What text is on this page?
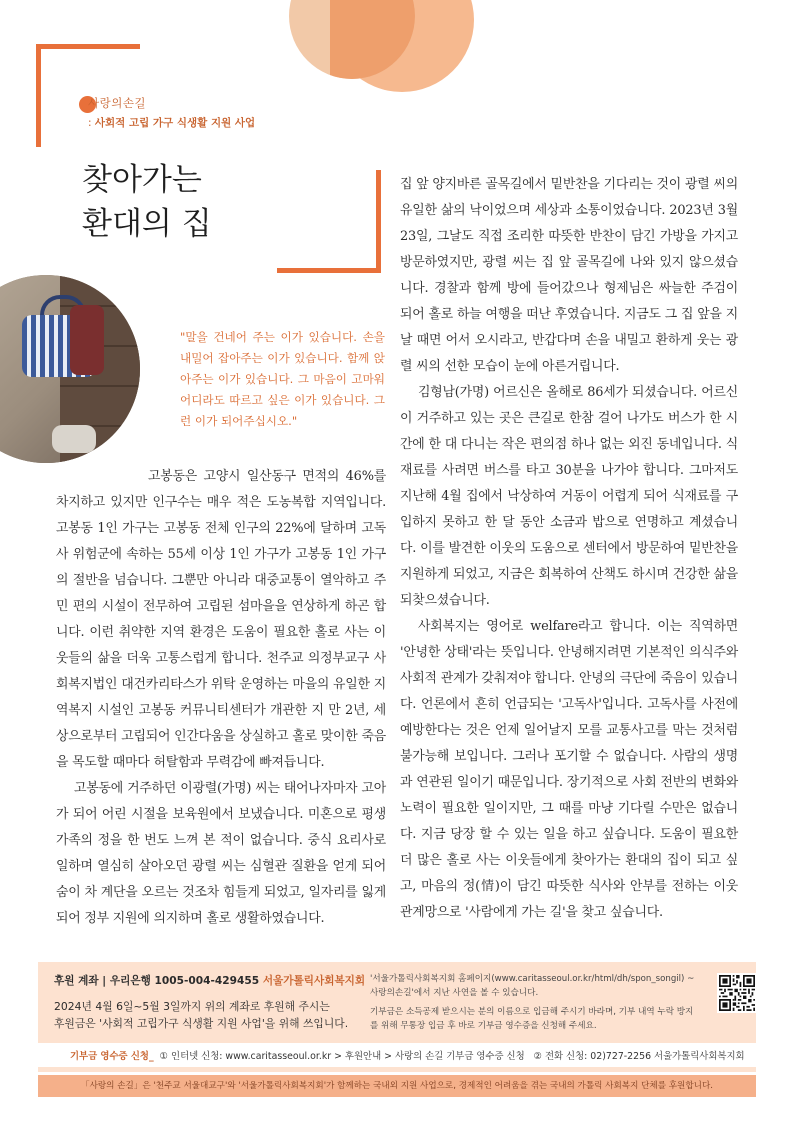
사랑의손길
: 사회적 고립 가구 식생활 지원 사업
찾아가는
환대의 집

"말을 건네어 주는 이가 있습니다. 손을 내밀어 잡아주는 이가 있습니다. 함께 앉아주는 이가 있습니다. 그 마음이 고마워 어디라도 따르고 싶은 이가 있습니다. 그런 이가 되어주십시오."

고봉동은 고양시 일산동구 면적의 46%를 차지하고 있지만 인구수는 매우 적은 도농복합 지역입니다. 고봉동 1인 가구는 고봉동 전체 인구의 22%에 달하며 고독사 위험군에 속하는 55세 이상 1인 가구가 고봉동 1인 가구의 절반을 넘습니다. 그뿐만 아니라 대중교통이 열악하고 주민 편의 시설이 전무하여 고립된 섬마을을 연상하게 하곤 합니다. 이런 취약한 지역 환경은 도움이 필요한 홀로 사는 이웃들의 삶을 더욱 고통스럽게 합니다. 천주교 의정부교구 사회복지법인 대건카리타스가 위탁 운영하는 마을의 유일한 지역복지 시설인 고봉동 커뮤니티센터가 개관한 지 만 2년, 세상으로부터 고립되어 인간다움을 상실하고 홀로 맞이한 죽음을 목도할 때마다 허탈함과 무력감에 빠져듭니다.

고봉동에 거주하던 이광렬(가명) 씨는 태어나자마자 고아가 되어 어린 시절을 보육원에서 보냈습니다. 미혼으로 평생 가족의 정을 한 번도 느껴 본 적이 없습니다. 중식 요리사로 일하며 열심히 살아오던 광렬 씨는 심혈관 질환을 얻게 되어 숨이 차 계단을 오르는 것조차 힘들게 되었고, 일자리를 잃게 되어 정부 지원에 의지하며 홀로 생활하였습니다.

집 앞 양지바른 골목길에서 밑반찬을 기다리는 것이 광렬 씨의 유일한 삶의 낙이었으며 세상과 소통이었습니다. 2023년 3월 23일, 그날도 직접 조리한 따뜻한 반찬이 담긴 가방을 가지고 방문하였지만, 광렬 씨는 집 앞 골목길에 나와 있지 않으셨습니다. 경찰과 함께 방에 들어갔으나 형제님은 싸늘한 주검이 되어 홀로 하늘 여행을 떠난 후였습니다. 지금도 그 집 앞을 지날 때면 어서 오시라고, 반갑다며 손을 내밀고 환하게 웃는 광렬 씨의 선한 모습이 눈에 아른거립니다.

김형남(가명) 어르신은 올해로 86세가 되셨습니다. 어르신이 거주하고 있는 곳은 큰길로 한참 걸어 나가도 버스가 한 시간에 한 대 다니는 작은 편의점 하나 없는 외진 동네입니다. 식재료를 사려면 버스를 타고 30분을 나가야 합니다. 그마저도 지난해 4월 집에서 낙상하여 거동이 어렵게 되어 식재료를 구입하지 못하고 한 달 동안 소금과 밥으로 연명하고 계셨습니다. 이를 발견한 이웃의 도움으로 센터에서 방문하여 밑반찬을 지원하게 되었고, 지금은 회복하여 산책도 하시며 건강한 삶을 되찾으셨습니다.

사회복지는 영어로 welfare라고 합니다. 이는 직역하면 '안녕한 상태'라는 뜻입니다. 안녕해지려면 기본적인 의식주와 사회적 관계가 갖춰져야 합니다. 안녕의 극단에 죽음이 있습니다. 언론에서 흔히 언급되는 '고독사'입니다. 고독사를 사전에 예방한다는 것은 언제 일어날지 모를 교통사고를 막는 것처럼 불가능해 보입니다. 그러나 포기할 수 없습니다. 사람의 생명과 연관된 일이기 때문입니다. 장기적으로 사회 전반의 변화와 노력이 필요한 일이지만, 그 때를 마냥 기다릴 수만은 없습니다. 지금 당장 할 수 있는 일을 하고 싶습니다. 도움이 필요한 더 많은 홀로 사는 이웃들에게 찾아가는 환대의 집이 되고 싶고, 마음의 정(情)이 담긴 따뜻한 식사와 안부를 전하는 이웃 관계망으로 '사람에게 가는 길'을 찾고 싶습니다.

후원 계좌 | 우리은행 1005-004-429455 서울가톨릭사회복지회
2024년 4월 6일~5월 3일까지 위의 계좌로 후원해 주시는
후원금은 '사회적 고립가구 식생활 지원 사업'을 위해 쓰입니다.
'서울가톨릭사회복지회 홈페이지(www.caritasseoul.or.kr/html/dh/spon_songil) ~ 사랑의손길'에서 지난 사연을 볼 수 있습니다.
기부금은 소득공제 받으시는 분의 이름으로 입금해 주시기 바라며, 기부 내역 누락 방지를 위해 무통장 입금 후 바로 기부금 영수증을 신청해 주세요.
기부금 영수증 신청_ ① 인터넷 신청: www.caritasseoul.or.kr > 후원안내 > 사랑의 손길 기부금 영수증 신청 ② 전화 신청: 02)727-2256 서울가톨릭사회복지회
「사랑의 손길」은 '천주교 서울대교구'와 '서울가톨릭사회복지회'가 함께하는 국내외 지원 사업으로, 경제적인 어려움을 겪는 국내의 가톨릭 사회복지 단체를 후원합니다.
